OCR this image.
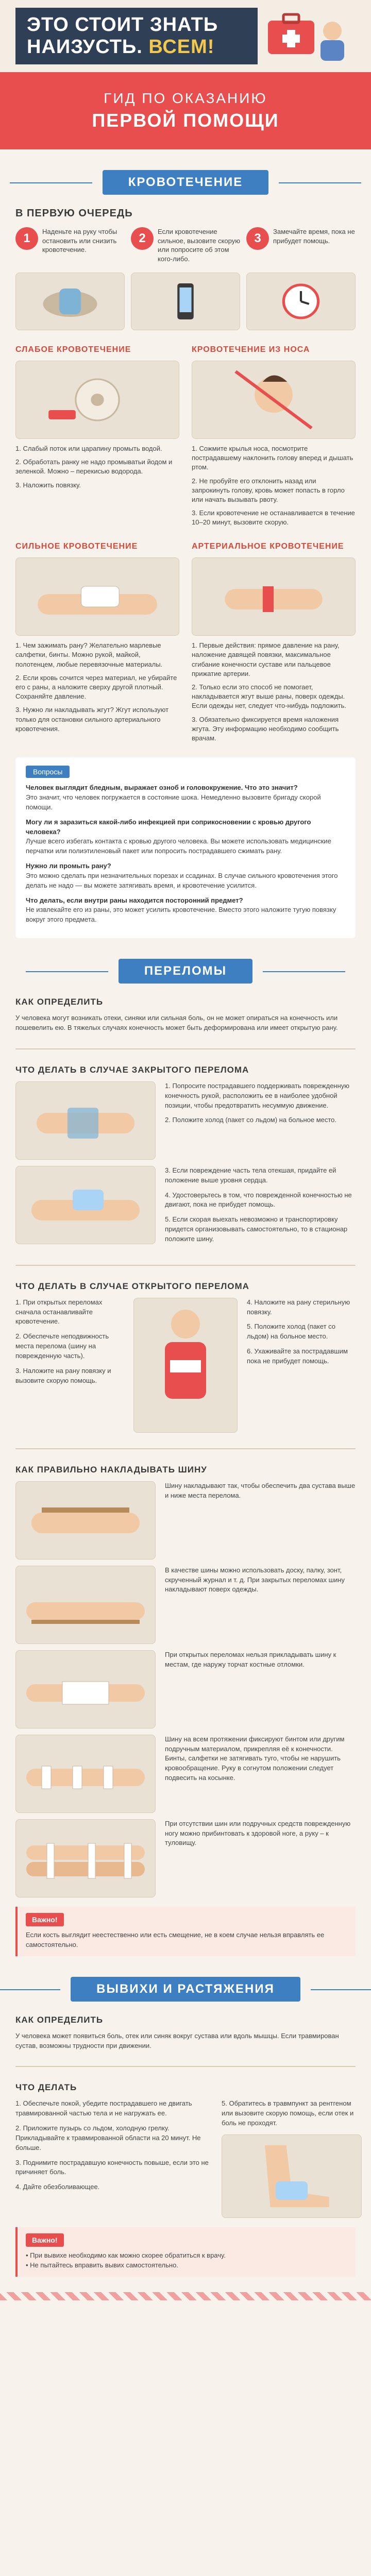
ЭТО СТОИТ ЗНАТЬ НАИЗУСТЬ. ВСЕМ!
ГИД ПО ОКАЗАНИЮ
ПЕРВОЙ ПОМОЩИ
КРОВОТЕЧЕНИЕ
В ПЕРВУЮ ОЧЕРЕДЬ
1	Наденьте на руку чтобы остановить или снизить кровотечение.
2	Если кровотечение сильное, вызовите скорую или попросите об этом кого-либо.
3	Замечайте время, пока не прибудет помощь.
СЛАБОЕ КРОВОТЕЧЕНИЕ

1. Слабый поток или царапину промыть водой.

2. Обработать ранку не надо промыватьи йодом и зеленкой. Можно – перекисью водорода.

3. Наложить повязку.

КРОВОТЕЧЕНИЕ ИЗ НОСА

1. Сожмите крылья носа, посмотрите пострадавшему наклонить голову вперед и дышать ртом.

2. Не пробуйте его отклонить назад или запрокинуть голову, кровь может попасть в горло или начать вызывать рвоту.

3. Если кровотечение не останавливается в течение 10–20 минут, вызовите скорую.

СИЛЬНОЕ КРОВОТЕЧЕНИЕ

1. Чем зажимать рану? Желательно марлевые салфетки, бинты. Можно рукой, майкой, полотенцем, любые перевязочные материалы.

2. Если кровь сочится через материал, не убирайте его с раны, а наложите сверху другой плотный. Сохраняйте давление.

3. Нужно ли накладывать жгут? Жгут используют только для остановки сильного артериального кровотечения.

АРТЕРИАЛЬНОЕ КРОВОТЕЧЕНИЕ

1. Первые действия: прямое давление на рану, наложение давящей повязки, максимальное сгибание конечности суставе или пальцевое прижатие артерии.

2. Только если это способ не помогает, накладывается жгут выше раны, поверх одежды. Если одежды нет, следует что-нибудь подложить.

3. Обязательно фиксируется время наложения жгута. Эту информацию необходимо сообщить врачам.

Вопросы

Человек выглядит бледным, выражает озноб и головокружение. Что это значит?
Это значит, что человек погружается в состояние шока. Немедленно вызовите бригаду скорой помощи.

Могу ли я заразиться какой-либо инфекцией при соприкосновении с кровью другого человека?
Лучше всего избегать контакта с кровью другого человека. Вы можете использовать медицинские перчатки или полиэтиленовый пакет или попросить пострадавшего сжимать рану.

Нужно ли промыть рану?
Это можно сделать при незначительных порезах и ссадинах. В случае сильного кровотечения этого делать не надо — вы можете затягивать время, и кровотечение усилится.

Что делать, если внутри раны находится посторонний предмет?
Не извлекайте его из раны, это может усилить кровотечение. Вместо этого наложите тугую повязку вокруг этого предмета.

ПЕРЕЛОМЫ
КАК ОПРЕДЕЛИТЬ
У человека могут возникать отеки, синяки или сильная боль, он не может опираться на конечность или пошевелить ею. В тяжелых случаях конечность может быть деформирована или имеет открытую рану.
ЧТО ДЕЛАТЬ В СЛУЧАЕ ЗАКРЫТОГО ПЕРЕЛОМА

1. Попросите пострадавшего поддерживать поврежденную конечность рукой, расположить ее в наиболее удобной позиции, чтобы предотвратить несуммую движение.

2. Положите холод (пакет со льдом) на больное место.

3. Если повреждение часть тела отекшая, придайте ей положение выше уровня сердца.

4. Удостоверьтесь в том, что поврежденной конечностью не двигают, пока не прибудет помощь.

5. Если скорая выехать невозможно и транспортировку придется организовывать самостоятельно, то в стационар положите шину.

ЧТО ДЕЛАТЬ В СЛУЧАЕ ОТКРЫТОГО ПЕРЕЛОМА

1. При открытых переломах сначала останавливайте кровотечение.

2. Обеспечьте неподвижность места перелома (шину на поврежденную часть).

3. Наложите на рану повязку и вызовите скорую помощь.

4. Наложите на рану стерильную повязку.

5. Положите холод (пакет со льдом) на больное место.

6. Ухаживайте за пострадавшим пока не прибудет помощь.

КАК ПРАВИЛЬНО НАКЛАДЫВАТЬ ШИНУ
Шину накладывают так, чтобы обеспечить два сустава выше и ниже места перелома.
В качестве шины можно использовать доску, палку, зонт, скрученный журнал и т. д. При закрытых переломах шину накладывают поверх одежды.
При открытых переломах нельзя прикладывать шину к местам, где наружу торчат костные отломки.
Шину на всем протяжении фиксируют бинтом или другим подручным материалом, прикрепляя её к конечности. Бинты, салфетки не затягивать туго, чтобы не нарушить кровообращение. Руку в согнутом положении следует подвесить на косынке.
При отсутствии шин или подручных средств поврежденную ногу можно прибинтовать к здоровой ноге, а руку – к туловищу.
Важно!
Если кость выглядит неестественно или есть смещение, не в коем случае нельзя вправлять ее самостоятельно.
ВЫВИХИ И РАСТЯЖЕНИЯ
КАК ОПРЕДЕЛИТЬ
У человека может появиться боль, отек или синяк вокруг сустава или вдоль мышцы. Если травмирован сустав, возможны трудности при движении.
ЧТО ДЕЛАТЬ

1. Обеспечьте покой, убедите пострадавшего не двигать травмированной частью тела и не нагружать ее.

2. Приложите пузырь со льдом, холодную грелку. Прикладывайте к травмированной области на 20 минут. Не больше.

3. Поднимите пострадавшую конечность повыше, если это не причиняет боль.

4. Дайте обезболивающее.

5. Обратитесь в травмпункт за рентгеном или вызовите скорую помощь, если отек и боль не проходят.
Важно!
• При вывихе необходимо как можно скорее обратиться к врачу.
• Не пытайтесь вправить вывих самостоятельно.
